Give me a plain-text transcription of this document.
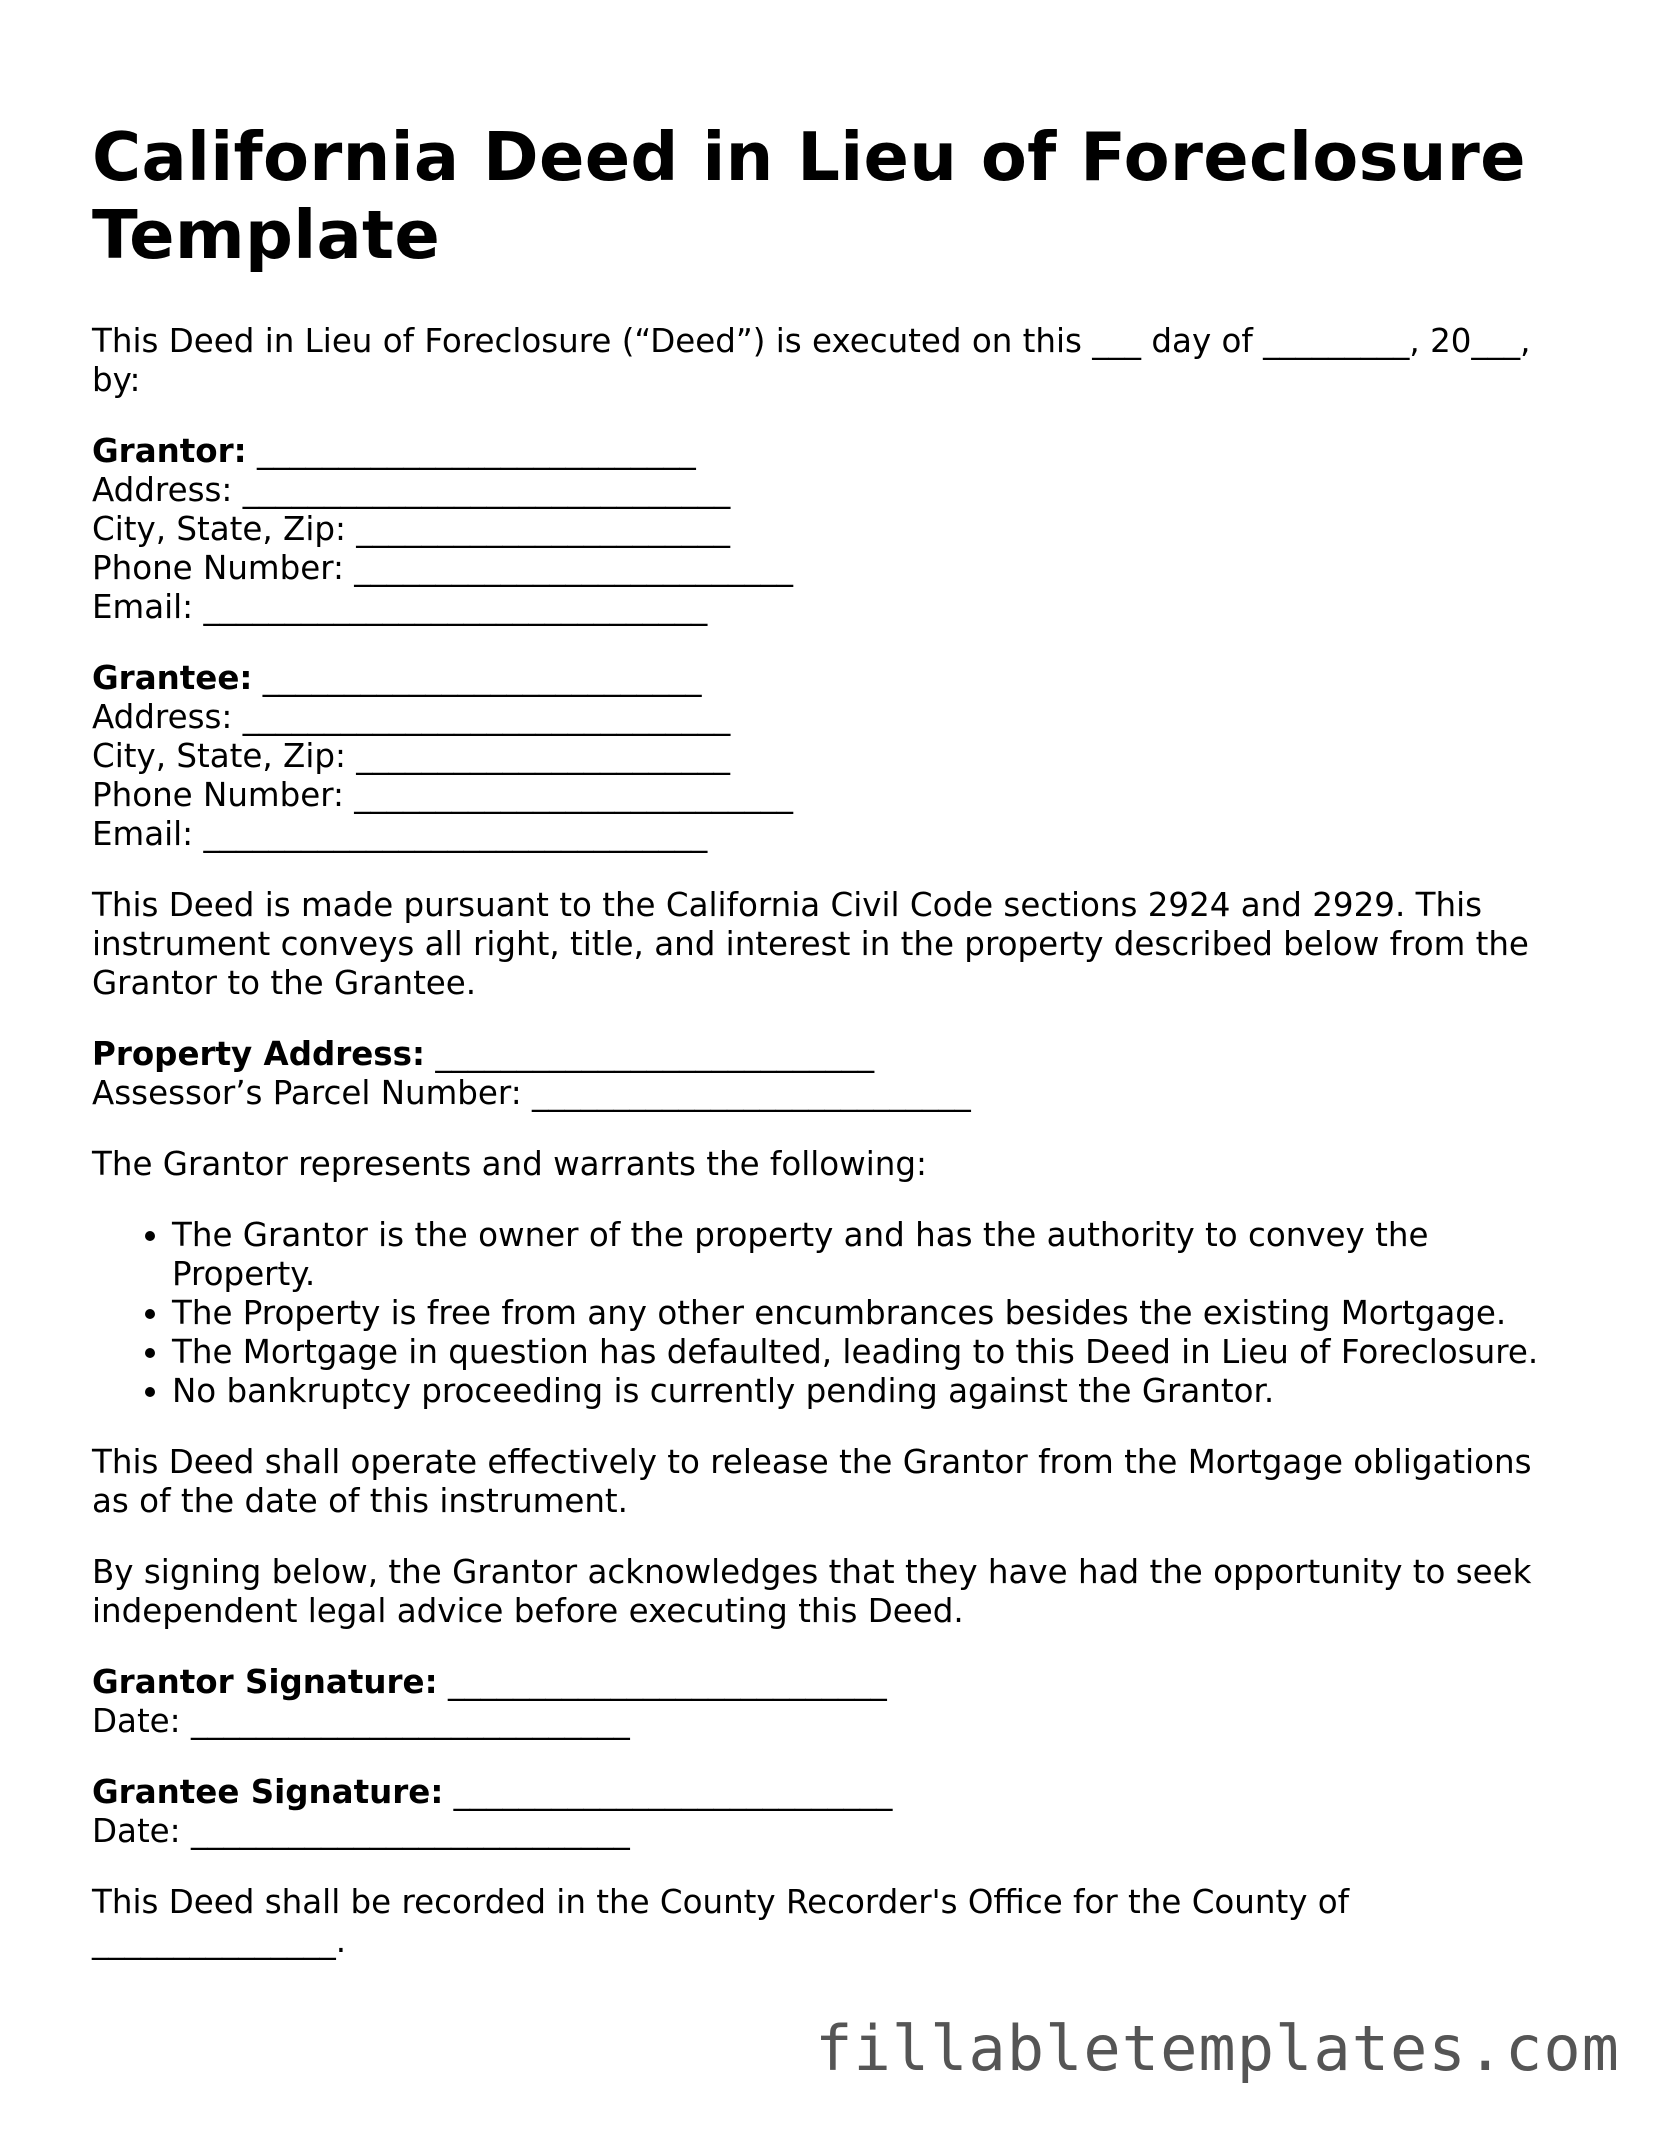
California Deed in Lieu of Foreclosure Template

This Deed in Lieu of Foreclosure (“Deed”) is executed on this ___ day of _________, 20___, by:

Grantor: ___________________________
Address: ______________________________
City, State, Zip: _______________________
Phone Number: ___________________________
Email: _______________________________
Grantee: ___________________________
Address: ______________________________
City, State, Zip: _______________________
Phone Number: ___________________________
Email: _______________________________

This Deed is made pursuant to the California Civil Code sections 2924 and 2929. This instrument conveys all right, title, and interest in the property described below from the Grantor to the Grantee.

Property Address: ___________________________
Assessor’s Parcel Number: ___________________________

The Grantor represents and warrants the following:

• The Grantor is the owner of the property and has the authority to convey the Property.
• The Property is free from any other encumbrances besides the existing Mortgage.
• The Mortgage in question has defaulted, leading to this Deed in Lieu of Foreclosure.
• No bankruptcy proceeding is currently pending against the Grantor.

This Deed shall operate effectively to release the Grantor from the Mortgage obligations as of the date of this instrument.

By signing below, the Grantor acknowledges that they have had the opportunity to seek independent legal advice before executing this Deed.

Grantor Signature: ___________________________
Date: ___________________________
Grantee Signature: ___________________________
Date: ___________________________

This Deed shall be recorded in the County Recorder's Office for the County of _______________.

fillabletemplates.com
